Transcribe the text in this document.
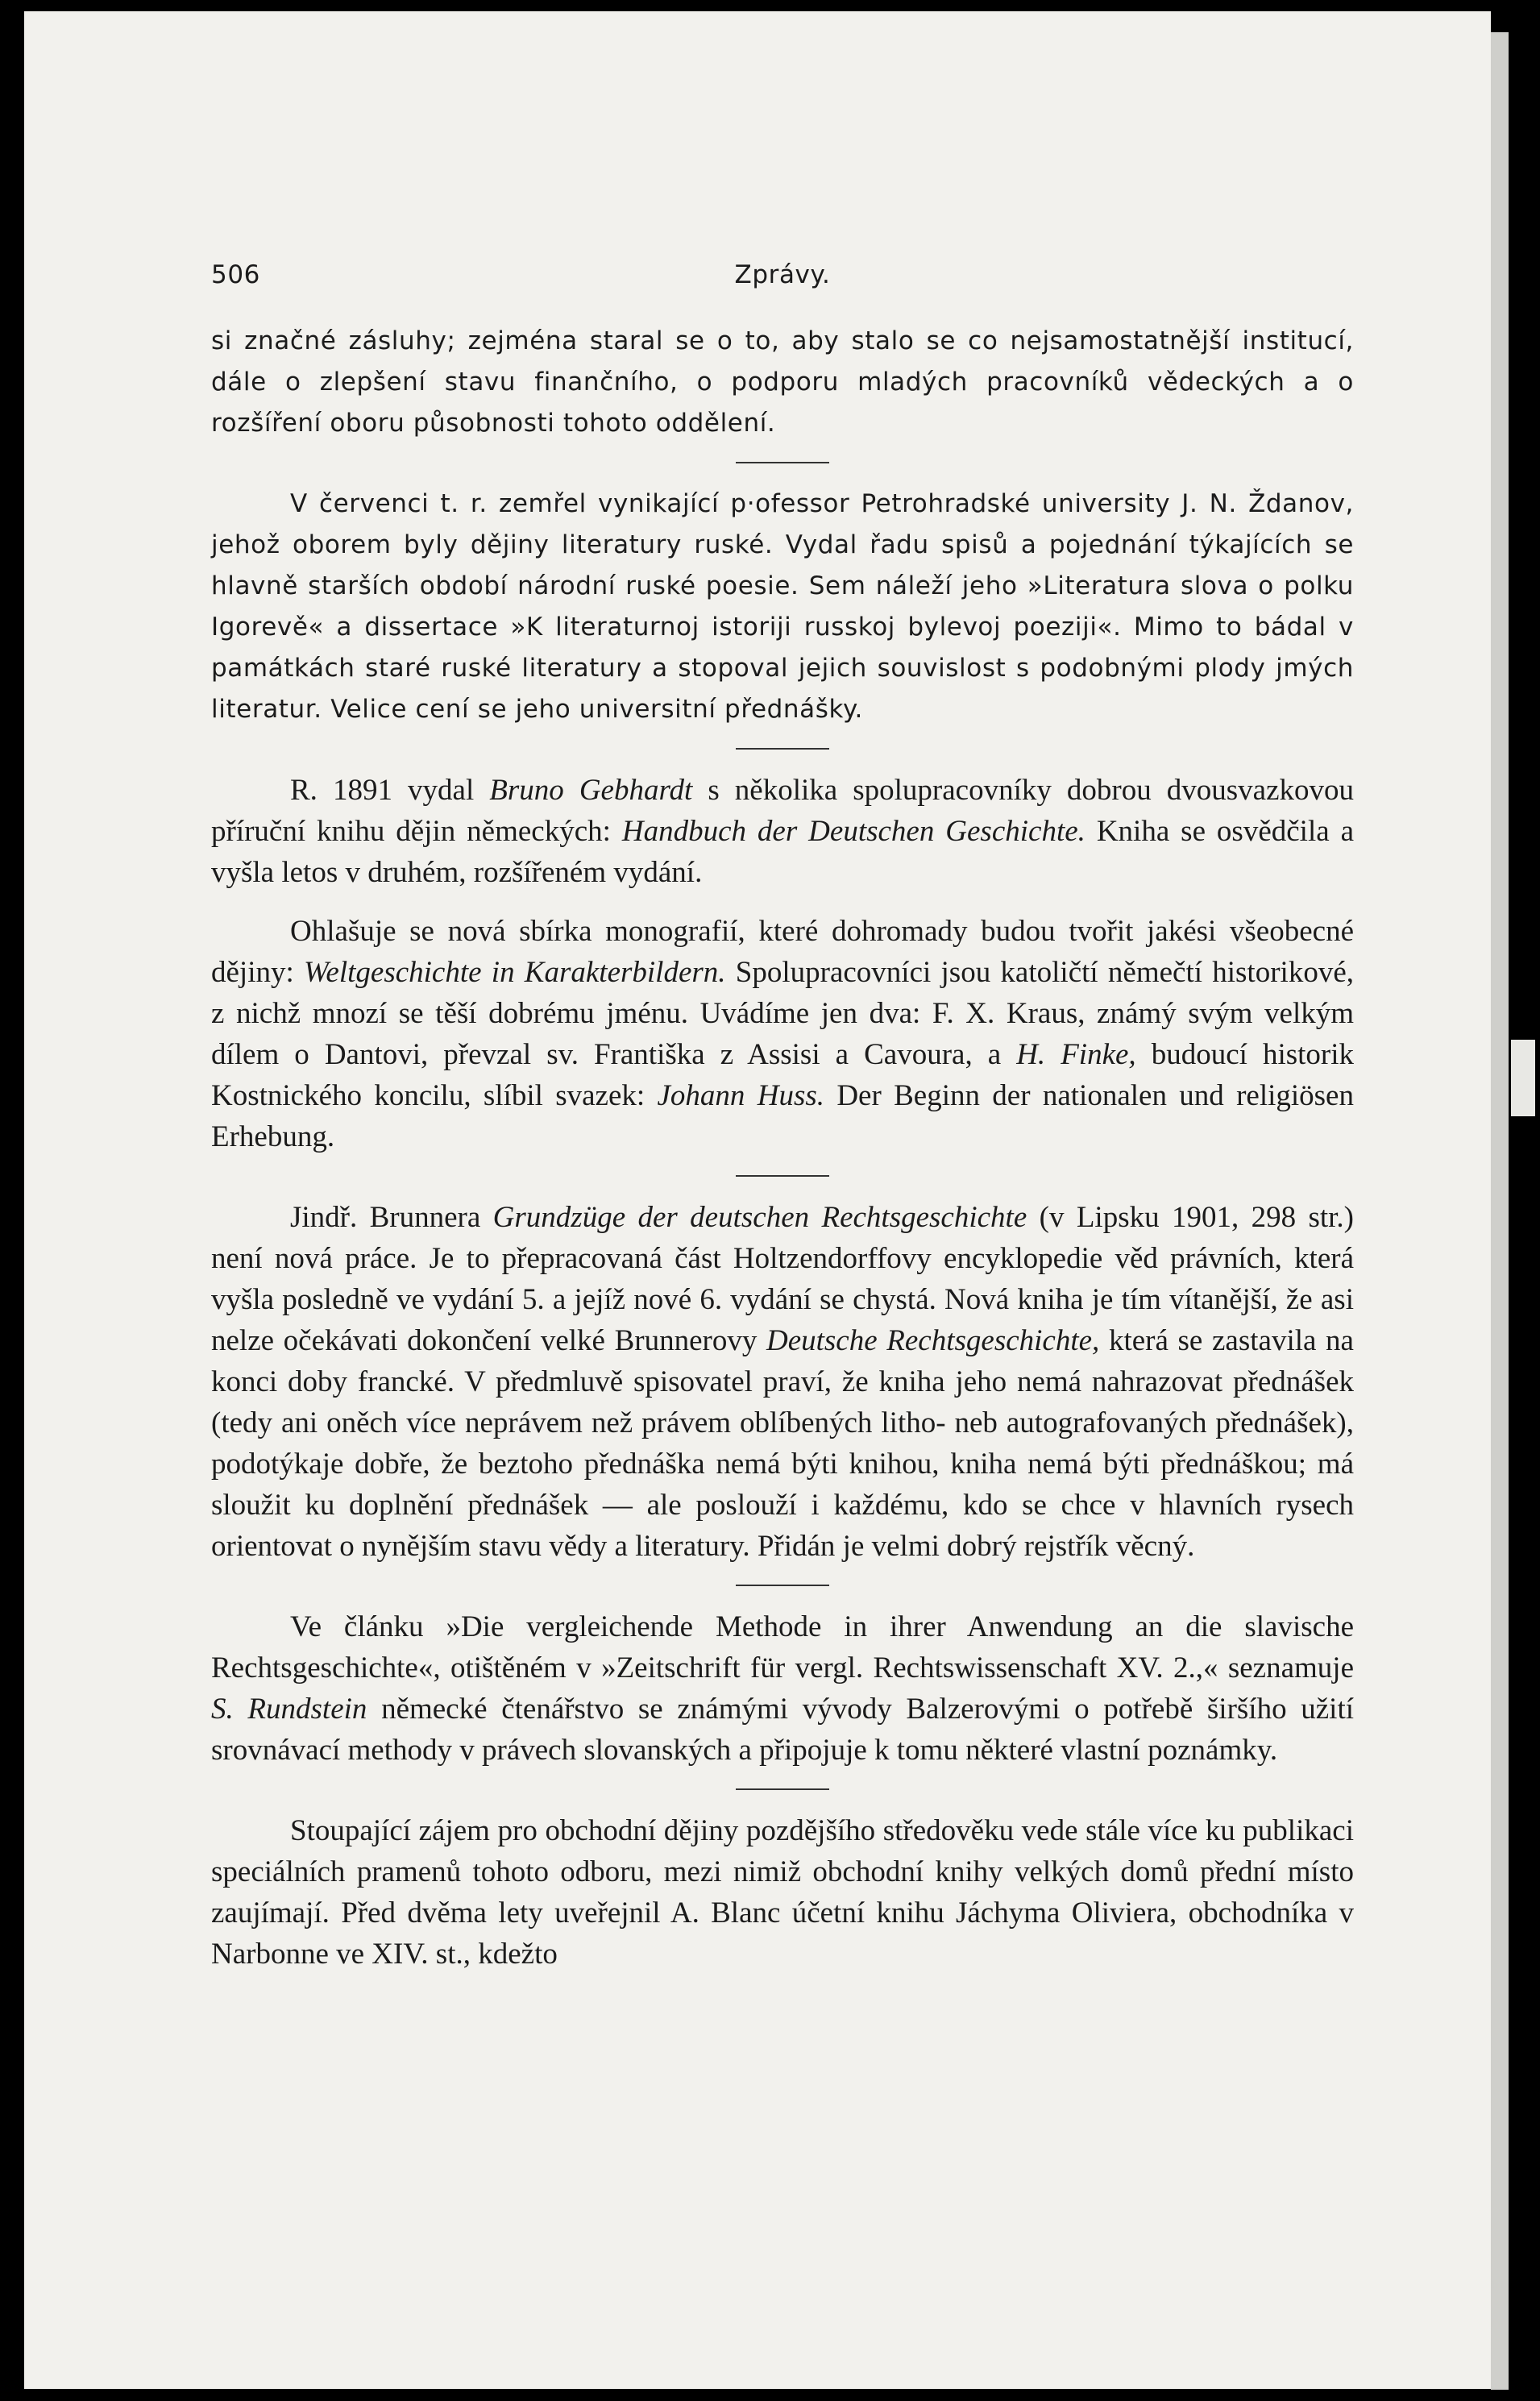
506	Zprávy.

si značné zásluhy; zejména staral se o to, aby stalo se co nejsamostatnější institucí, dále o zlepšení stavu finančního, o podporu mladých pracovníků vědeckých a o rozšíření oboru působnosti tohoto oddělení.

V červenci t. r. zemřel vynikající p·ofessor Petrohradské university J. N. Ždanov, jehož oborem byly dějiny literatury ruské. Vydal řadu spisů a pojednání týkajících se hlavně starších období národní ruské poesie. Sem náleží jeho »Literatura slova o polku Igorevě« a dissertace »K literaturnoj istoriji russkoj bylevoj poeziji«. Mimo to bádal v památkách staré ruské literatury a stopoval jejich souvislost s podobnými plody jmých literatur. Velice cení se jeho universitní přednášky.

R. 1891 vydal Bruno Gebhardt s několika spolupracovníky dobrou dvousvazkovou příruční knihu dějin německých: Handbuch der Deutschen Geschichte. Kniha se osvědčila a vyšla letos v druhém, rozšířeném vydání.

Ohlašuje se nová sbírka monografií, které dohromady budou tvořit jakési všeobecné dějiny: Weltgeschichte in Karakterbildern. Spolupracovníci jsou katoličtí němečtí historikové, z nichž mnozí se těší dobrému jménu. Uvádíme jen dva: F. X. Kraus, známý svým velkým dílem o Dantovi, převzal sv. Františka z Assisi a Cavoura, a H. Finke, budoucí historik Kostnického koncilu, slíbil svazek: Johann Huss. Der Beginn der nationalen und religiösen Erhebung.

Jindř. Brunnera Grundzüge der deutschen Rechtsgeschichte (v Lipsku 1901, 298 str.) není nová práce. Je to přepracovaná část Holtzendorffovy encyklopedie věd právních, která vyšla posledně ve vydání 5. a jejíž nové 6. vydání se chystá. Nová kniha je tím vítanější, že asi nelze očekávati dokončení velké Brunnerovy Deutsche Rechtsgeschichte, která se zastavila na konci doby francké. V předmluvě spisovatel praví, že kniha jeho nemá nahrazovat přednášek (tedy ani oněch více neprávem než právem oblíbených litho- neb autografovaných přednášek), podotýkaje dobře, že beztoho přednáška nemá býti knihou, kniha nemá býti přednáškou; má sloužit ku doplnění přednášek — ale poslouží i každému, kdo se chce v hlavních rysech orientovat o nynějším stavu vědy a literatury. Přidán je velmi dobrý rejstřík věcný.

Ve článku »Die vergleichende Methode in ihrer Anwendung an die slavische Rechtsgeschichte«, otištěném v »Zeitschrift für vergl. Rechtswissenschaft XV. 2.,« seznamuje S. Rundstein německé čtenářstvo se známými vývody Balzerovými o potřebě širšího užití srovnávací methody v právech slovanských a připojuje k tomu některé vlastní poznámky.

Stoupající zájem pro obchodní dějiny pozdějšího středověku vede stále více ku publikaci speciálních pramenů tohoto odboru, mezi nimiž obchodní knihy velkých domů přední místo zaujímají. Před dvěma lety uveřejnil A. Blanc účetní knihu Jáchyma Oliviera, obchodníka v Narbonne ve XIV. st., kdežto
